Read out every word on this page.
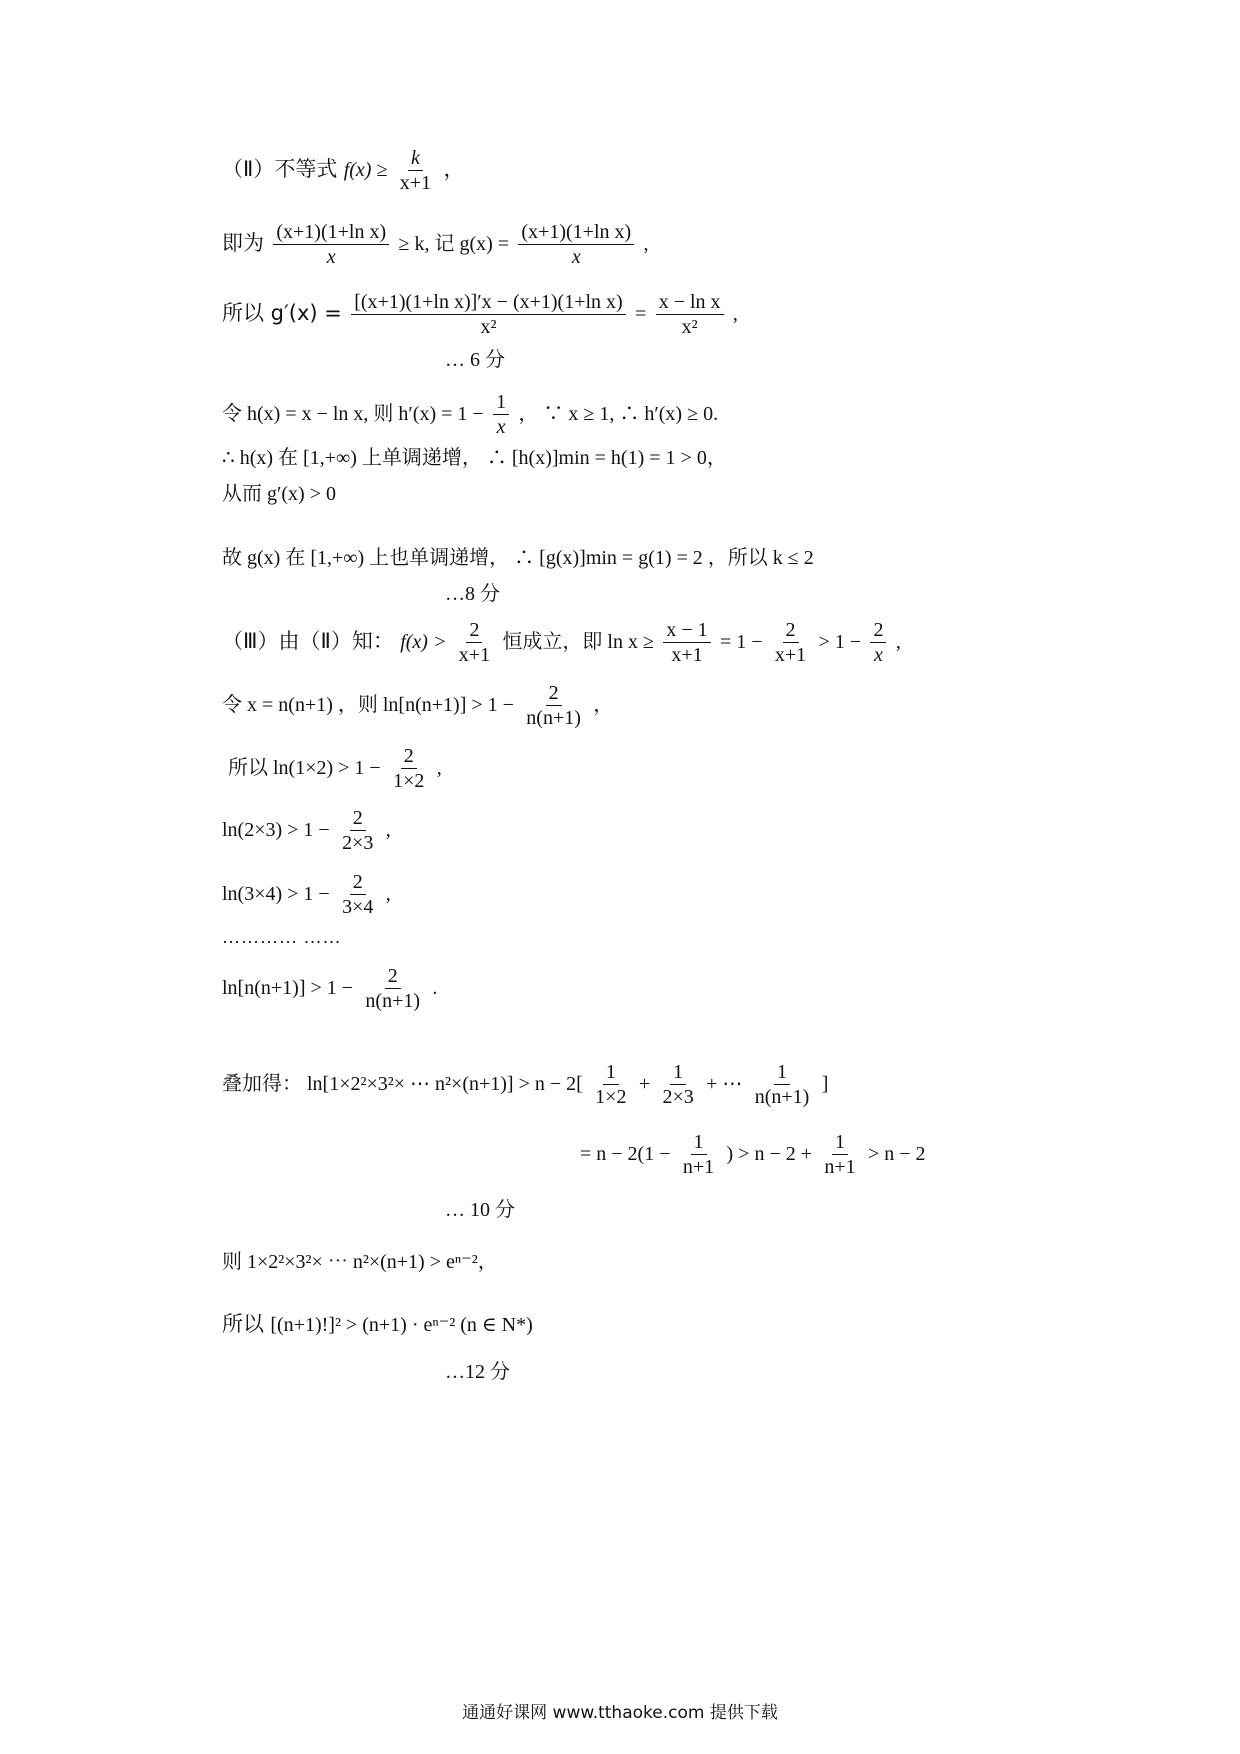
（Ⅱ）不等式 $f(x) \ge \frac{k}{x+1}$ ，
即为 $\frac{\text{(x+1)(1+ln x)}}{x} \ge k$, 记 $g(x) = \frac{\text{(x+1)(1+ln x)}}{x}$ ,
所以 $g'(x) = \frac{\text{[(x+1)(1+ln x)]′x − (x+1)(1+ln x)}}{\text{x²}} = \frac{\text{x − ln x}}{\text{x²}}$ ,
… 6 分
令 h(x) = x − ln x, 则 $h'(x) = 1 - \frac{1}{x}$ ， ∵ x ≥ 1, ∴ h′(x) ≥ 0.
∴ h(x) 在 [1,+∞) 上单调递增， ∴ [h(x)]min = h(1) = 1 > 0，
从而 g′(x) > 0
故 g(x) 在 [1,+∞) 上也单调递增， ∴ [g(x)]min = g(1) = 2 ，所以 k ≤ 2
…8 分
（Ⅲ）由（Ⅱ）知： $f(x) > \frac{2}{x+1}$ 恒成立，即 $\ln x \ge \frac{x - 1}{x+1} = 1 - \frac{2}{x+1} > 1 - \frac{2}{x}$ ,
令 x = n(n+1) ，则 $\ln[n(n+1)] > 1 - \frac{2}{n(n+1)}$ ，
所以 $\ln(1\times 2) > 1 - \frac{2}{1\times 2}$ ,
$\ln(2\times 3) > 1 - \frac{2}{2\times 3}$ ,
$\ln(3\times 4) > 1 - \frac{2}{3\times 4}$ ,
………… ……
$\ln[n(n+1)] > 1 - \frac{2}{n(n+1)}$ .
叠加得： ln[1×2²×3²× ⋯ $n^2\times(n+1)] > n - 2[ \frac{1}{1\times 2} + \frac{1}{2\times 3}$ + ⋯ $\frac{1}{n(n+1)}$ ]
= $n - 2(1 - \frac{1}{n+1}$ ) > $n - 2 + \frac{1}{n+1} > n - 2$
… 10 分
则 1×2²×3²× ⋯ n²×(n+1) > eⁿ⁻²，
所以 [(n+1)!]² > (n+1) · eⁿ⁻² (n ∈ N*)
…12 分
通通好课网 www.tthaoke.com 提供下载
